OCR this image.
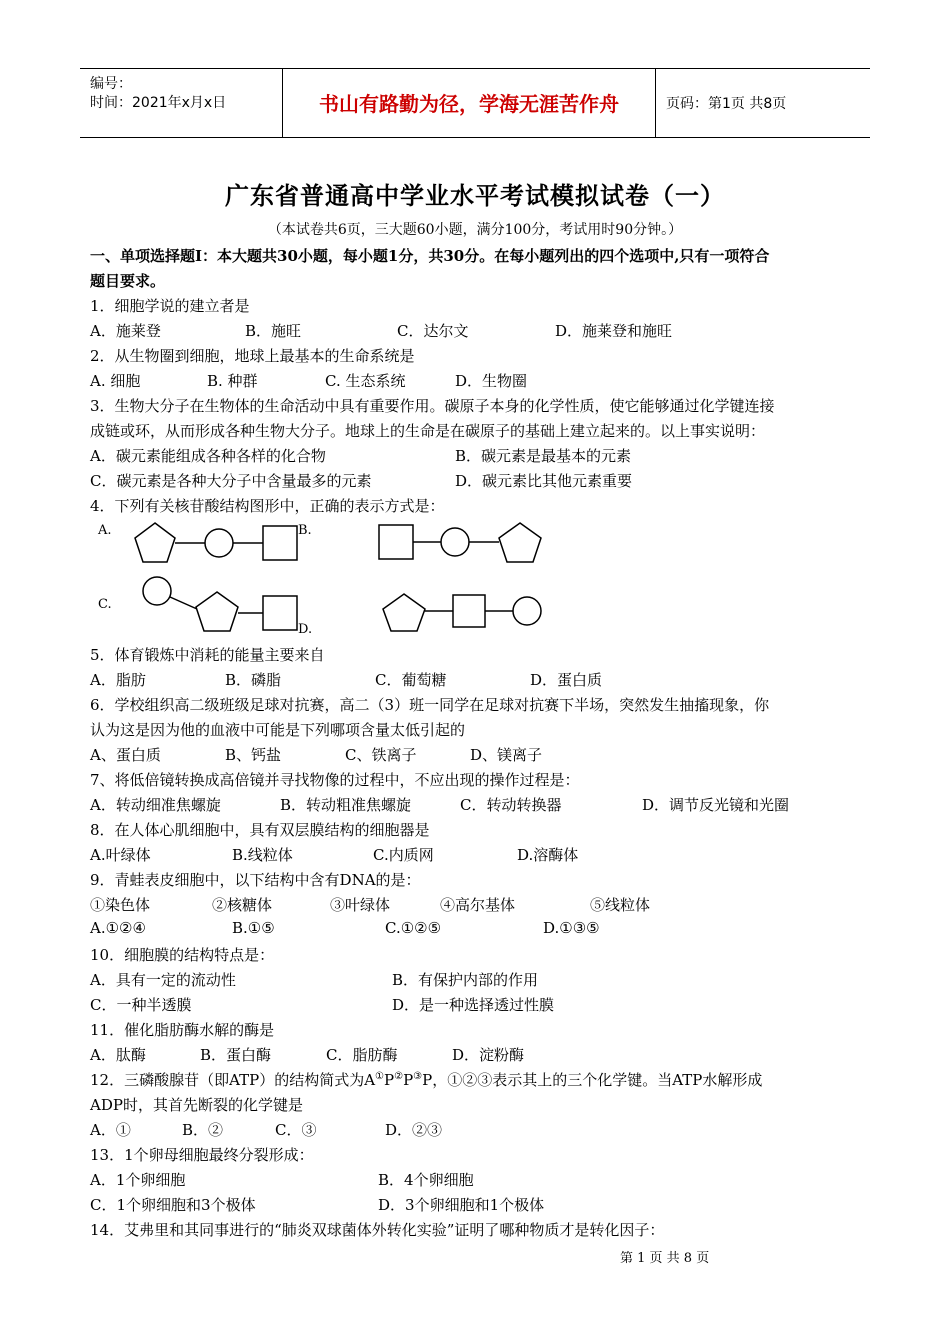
编号：
时间：2021年x月x日	书山有路勤为径，学海无涯苦作舟	页码：第1页 共8页
广东省普通高中学业水平考试模拟试卷（一）
（本试卷共6页，三大题60小题，满分100分，考试用时90分钟。）
一、单项选择题I：本大题共30小题，每小题1分，共30分。在每小题列出的四个选项中,只有一项符合
题目要求。
1．细胞学说的建立者是
A．施莱登	B．施旺	C．达尔文	D．施莱登和施旺
2．从生物圈到细胞，地球上最基本的生命系统是
A. 细胞	B. 种群	C. 生态系统	D．生物圈
3．生物大分子在生物体的生命活动中具有重要作用。碳原子本身的化学性质，使它能够通过化学键连接
成链或环，从而形成各种生物大分子。地球上的生命是在碳原子的基础上建立起来的。以上事实说明：
A．碳元素能组成各种各样的化合物	B．碳元素是最基本的元素
C．碳元素是各种大分子中含量最多的元素	D．碳元素比其他元素重要
4．下列有关核苷酸结构图形中，正确的表示方式是：
A.	B.
C.
D.
5．体育锻炼中消耗的能量主要来自
A．脂肪	B．磷脂	C．葡萄糖	D．蛋白质
6．学校组织高二级班级足球对抗赛，高二（3）班一同学在足球对抗赛下半场，突然发生抽搐现象，你
认为这是因为他的血液中可能是下列哪项含量太低引起的
A、蛋白质	B、钙盐	C、铁离子	D、镁离子
7、将低倍镜转换成高倍镜并寻找物像的过程中，不应出现的操作过程是：
A．转动细准焦螺旋	B．转动粗准焦螺旋	C．转动转换器	D．调节反光镜和光圈
8．在人体心肌细胞中，具有双层膜结构的细胞器是
A.叶绿体	B.线粒体	C.内质网	D.溶酶体
9．青蛙表皮细胞中，以下结构中含有DNA的是：
①染色体	②核糖体	③叶绿体	④高尔基体	⑤线粒体
A.①②④	B.①⑤	C.①②⑤	D.①③⑤
10．细胞膜的结构特点是：
A．具有一定的流动性	B．有保护内部的作用
C．一种半透膜	D．是一种选择透过性膜
11．催化脂肪酶水解的酶是
A．肽酶	B．蛋白酶	C．脂肪酶	D．淀粉酶
12．三磷酸腺苷（即ATP）的结构简式为A①P②P③P，①②③表示其上的三个化学键。当ATP水解形成
ADP时，其首先断裂的化学键是
A．①	B．②	C．③	D．②③
13．1个卵母细胞最终分裂形成：
A．1个卵细胞	B．4个卵细胞
C．1个卵细胞和3个极体	D．3个卵细胞和1个极体
14．艾弗里和其同事进行的“肺炎双球菌体外转化实验”证明了哪种物质才是转化因子：
第 1 页 共 8 页
